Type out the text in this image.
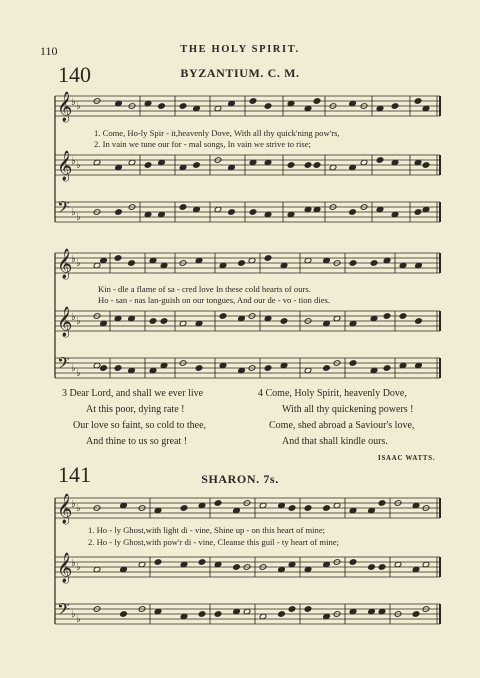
110	THE HOLY SPIRIT.
140	BYZANTIUM. C. M.
𝄞
♭ ♭
𝄞
♭ ♭
𝄢 ♭ ♭
𝄞
♭ ♭
𝄞
♭ ♭
𝄢 ♭ ♭
𝄞
♭ ♭
𝄞
♭ ♭
𝄢 ♭ ♭
1. Come, Ho-ly Spir - it,heavenly Dove, With all thy quick'ning pow'rs,
2. In vain we tune our for - mal songs, In vain we strive to rise;
Kin - dle a flame of sa - cred love In these cold hearts of ours.
Ho - san - nas lan-guish on our tongues, And our de - vo - tion dies.
3 Dear Lord, and shall we ever live
At this poor, dying rate !
Our love so faint, so cold to thee,
And thine to us so great !
4 Come, Holy Spirit, heavenly Dove,
With all thy quickening powers !
Come, shed abroad a Saviour's love,
And that shall kindle ours.
ISAAC WATTS.
141	SHARON. 7s.
1. Ho - ly Ghost,with light di - vine, Shine up - on this heart of mine;
2. Ho - ly Ghost,with pow'r di - vine, Cleanse this guil - ty heart of mine;
